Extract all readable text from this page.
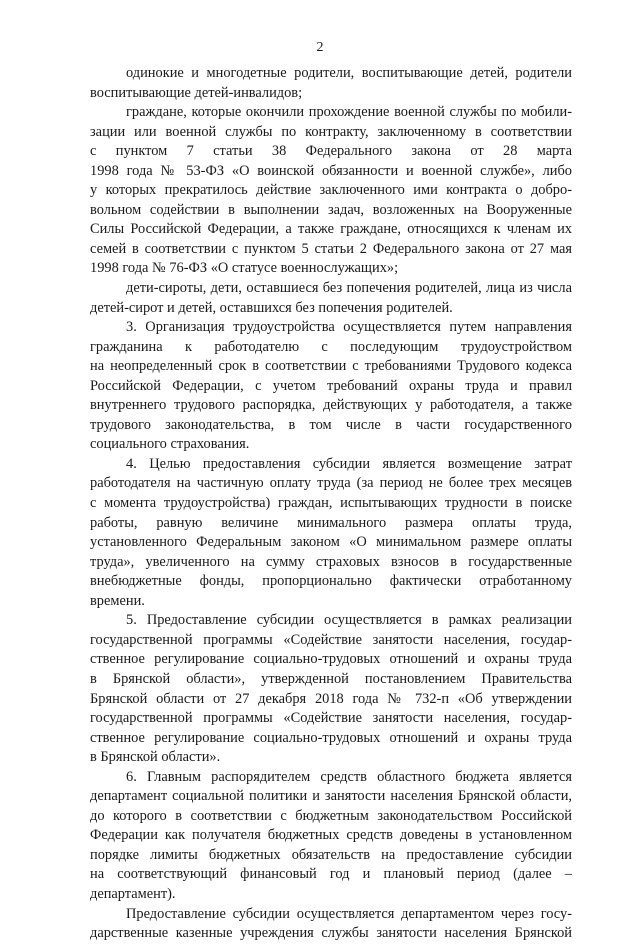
2
одинокие и многодетные родители, воспитывающие детей, родители
воспитывающие детей-инвалидов;
граждане, которые окончили прохождение военной службы по мобили-
зации или военной службы по контракту, заключенному в соответствии
с пунктом 7 статьи 38 Федерального закона от 28 марта
1998 года № 53-ФЗ «О воинской обязанности и военной службе», либо
у которых прекратилось действие заключенного ими контракта о добро-
вольном содействии в выполнении задач, возложенных на Вооруженные
Силы Российской Федерации, а также граждане, относящихся к членам их
семей в соответствии с пунктом 5 статьи 2 Федерального закона от 27 мая
1998 года № 76-ФЗ «О статусе военнослужащих»;
дети-сироты, дети, оставшиеся без попечения родителей, лица из числа
детей-сирот и детей, оставшихся без попечения родителей.
3. Организация трудоустройства осуществляется путем направления
гражданина к работодателю с последующим трудоустройством
на неопределенный срок в соответствии с требованиями Трудового кодекса
Российской Федерации, с учетом требований охраны труда и правил
внутреннего трудового распорядка, действующих у работодателя, а также
трудового законодательства, в том числе в части государственного
социального страхования.
4. Целью предоставления субсидии является возмещение затрат
работодателя на частичную оплату труда (за период не более трех месяцев
с момента трудоустройства) граждан, испытывающих трудности в поиске
работы, равную величине минимального размера оплаты труда,
установленного Федеральным законом «О минимальном размере оплаты
труда», увеличенного на сумму страховых взносов в государственные
внебюджетные фонды, пропорционально фактически отработанному
времени.
5. Предоставление субсидии осуществляется в рамках реализации
государственной программы «Содействие занятости населения, государ-
ственное регулирование социально-трудовых отношений и охраны труда
в Брянской области», утвержденной постановлением Правительства
Брянской области от 27 декабря 2018 года № 732-п «Об утверждении
государственной программы «Содействие занятости населения, государ-
ственное регулирование социально-трудовых отношений и охраны труда
в Брянской области».
6. Главным распорядителем средств областного бюджета является
департамент социальной политики и занятости населения Брянской области,
до которого в соответствии с бюджетным законодательством Российской
Федерации как получателя бюджетных средств доведены в установленном
порядке лимиты бюджетных обязательств на предоставление субсидии
на соответствующий финансовый год и плановый период (далее –
департамент).
Предоставление субсидии осуществляется департаментом через госу-
дарственные казенные учреждения службы занятости населения Брянской
